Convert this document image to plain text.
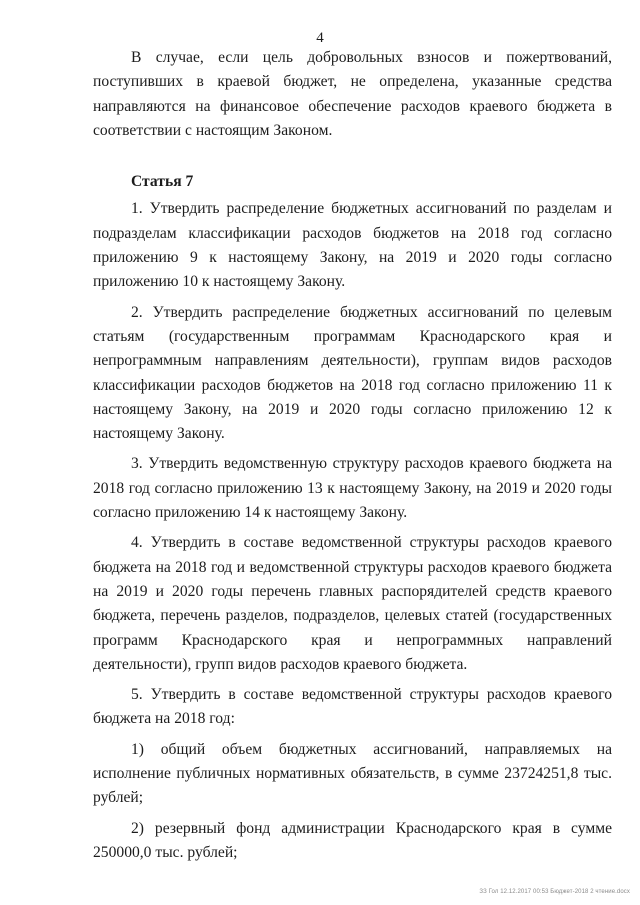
4

В случае, если цель добровольных взносов и пожертвований, поступивших в краевой бюджет, не определена, указанные средства направляются на финансовое обеспечение расходов краевого бюджета в соответствии с настоящим Законом.

Статья 7

1. Утвердить распределение бюджетных ассигнований по разделам и подразделам классификации расходов бюджетов на 2018 год согласно приложению 9 к настоящему Закону, на 2019 и 2020 годы согласно приложению 10 к настоящему Закону.

2. Утвердить распределение бюджетных ассигнований по целевым статьям (государственным программам Краснодарского края и непрограммным направлениям деятельности), группам видов расходов классификации расходов бюджетов на 2018 год согласно приложению 11 к настоящему Закону, на 2019 и 2020 годы согласно приложению 12 к настоящему Закону.

3. Утвердить ведомственную структуру расходов краевого бюджета на 2018 год согласно приложению 13 к настоящему Закону, на 2019 и 2020 годы согласно приложению 14 к настоящему Закону.

4. Утвердить в составе ведомственной структуры расходов краевого бюджета на 2018 год и ведомственной структуры расходов краевого бюджета на 2019 и 2020 годы перечень главных распорядителей средств краевого бюджета, перечень разделов, подразделов, целевых статей (государственных программ Краснодарского края и непрограммных направлений деятельности), групп видов расходов краевого бюджета.

5. Утвердить в составе ведомственной структуры расходов краевого бюджета на 2018 год:

1) общий объем бюджетных ассигнований, направляемых на исполнение публичных нормативных обязательств, в сумме 23724251,8 тыс. рублей;

2) резервный фонд администрации Краснодарского края в сумме 250000,0 тыс. рублей;

ЗЗ Гол 12.12.2017 00:53 Бюджет-2018 2 чтение.docx
